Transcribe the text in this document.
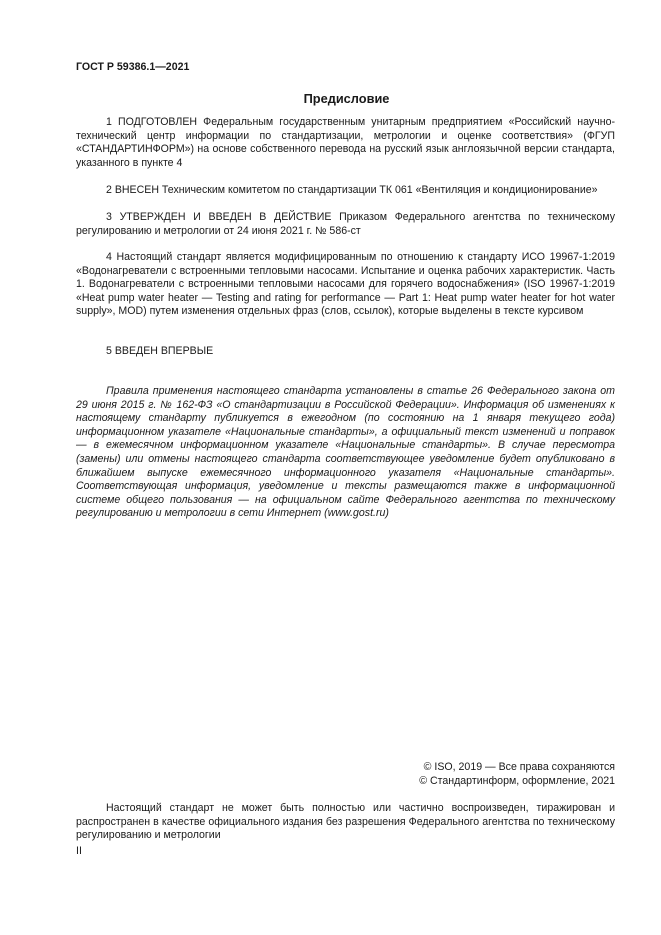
ГОСТ Р 59386.1—2021
Предисловие

1 ПОДГОТОВЛЕН Федеральным государственным унитарным предприятием «Российский научно-технический центр информации по стандартизации, метрологии и оценке соответствия» (ФГУП «СТАНДАРТИНФОРМ») на основе собственного перевода на русский язык англоязычной версии стандарта, указанного в пункте 4

2 ВНЕСЕН Техническим комитетом по стандартизации ТК 061 «Вентиляция и кондиционирование»

3 УТВЕРЖДЕН И ВВЕДЕН В ДЕЙСТВИЕ Приказом Федерального агентства по техническому регулированию и метрологии от 24 июня 2021 г. № 586-ст

4 Настоящий стандарт является модифицированным по отношению к стандарту ИСО 19967-1:2019 «Водонагреватели с встроенными тепловыми насосами. Испытание и оценка рабочих характеристик. Часть 1. Водонагреватели с встроенными тепловыми насосами для горячего водоснабжения» (ISO 19967-1:2019 «Heat pump water heater — Testing and rating for performance — Part 1: Heat pump water heater for hot water supply», MOD) путем изменения отдельных фраз (слов, ссылок), которые выделены в тексте курсивом

5 ВВЕДЕН ВПЕРВЫЕ

Правила применения настоящего стандарта установлены в статье 26 Федерального закона от 29 июня 2015 г. № 162-ФЗ «О стандартизации в Российской Федерации». Информация об изменениях к настоящему стандарту публикуется в ежегодном (по состоянию на 1 января текущего года) информационном указателе «Национальные стандарты», а официальный текст изменений и поправок — в ежемесячном информационном указателе «Национальные стандарты». В случае пересмотра (замены) или отмены настоящего стандарта соответствующее уведомление будет опубликовано в ближайшем выпуске ежемесячного информационного указателя «Национальные стандарты». Соответствующая информация, уведомление и тексты размещаются также в информационной системе общего пользования — на официальном сайте Федерального агентства по техническому регулированию и метрологии в сети Интернет (www.gost.ru)

© ISO, 2019 — Все права сохраняются
© Стандартинформ, оформление, 2021

Настоящий стандарт не может быть полностью или частично воспроизведен, тиражирован и распространен в качестве официального издания без разрешения Федерального агентства по техническому регулированию и метрологии

II
